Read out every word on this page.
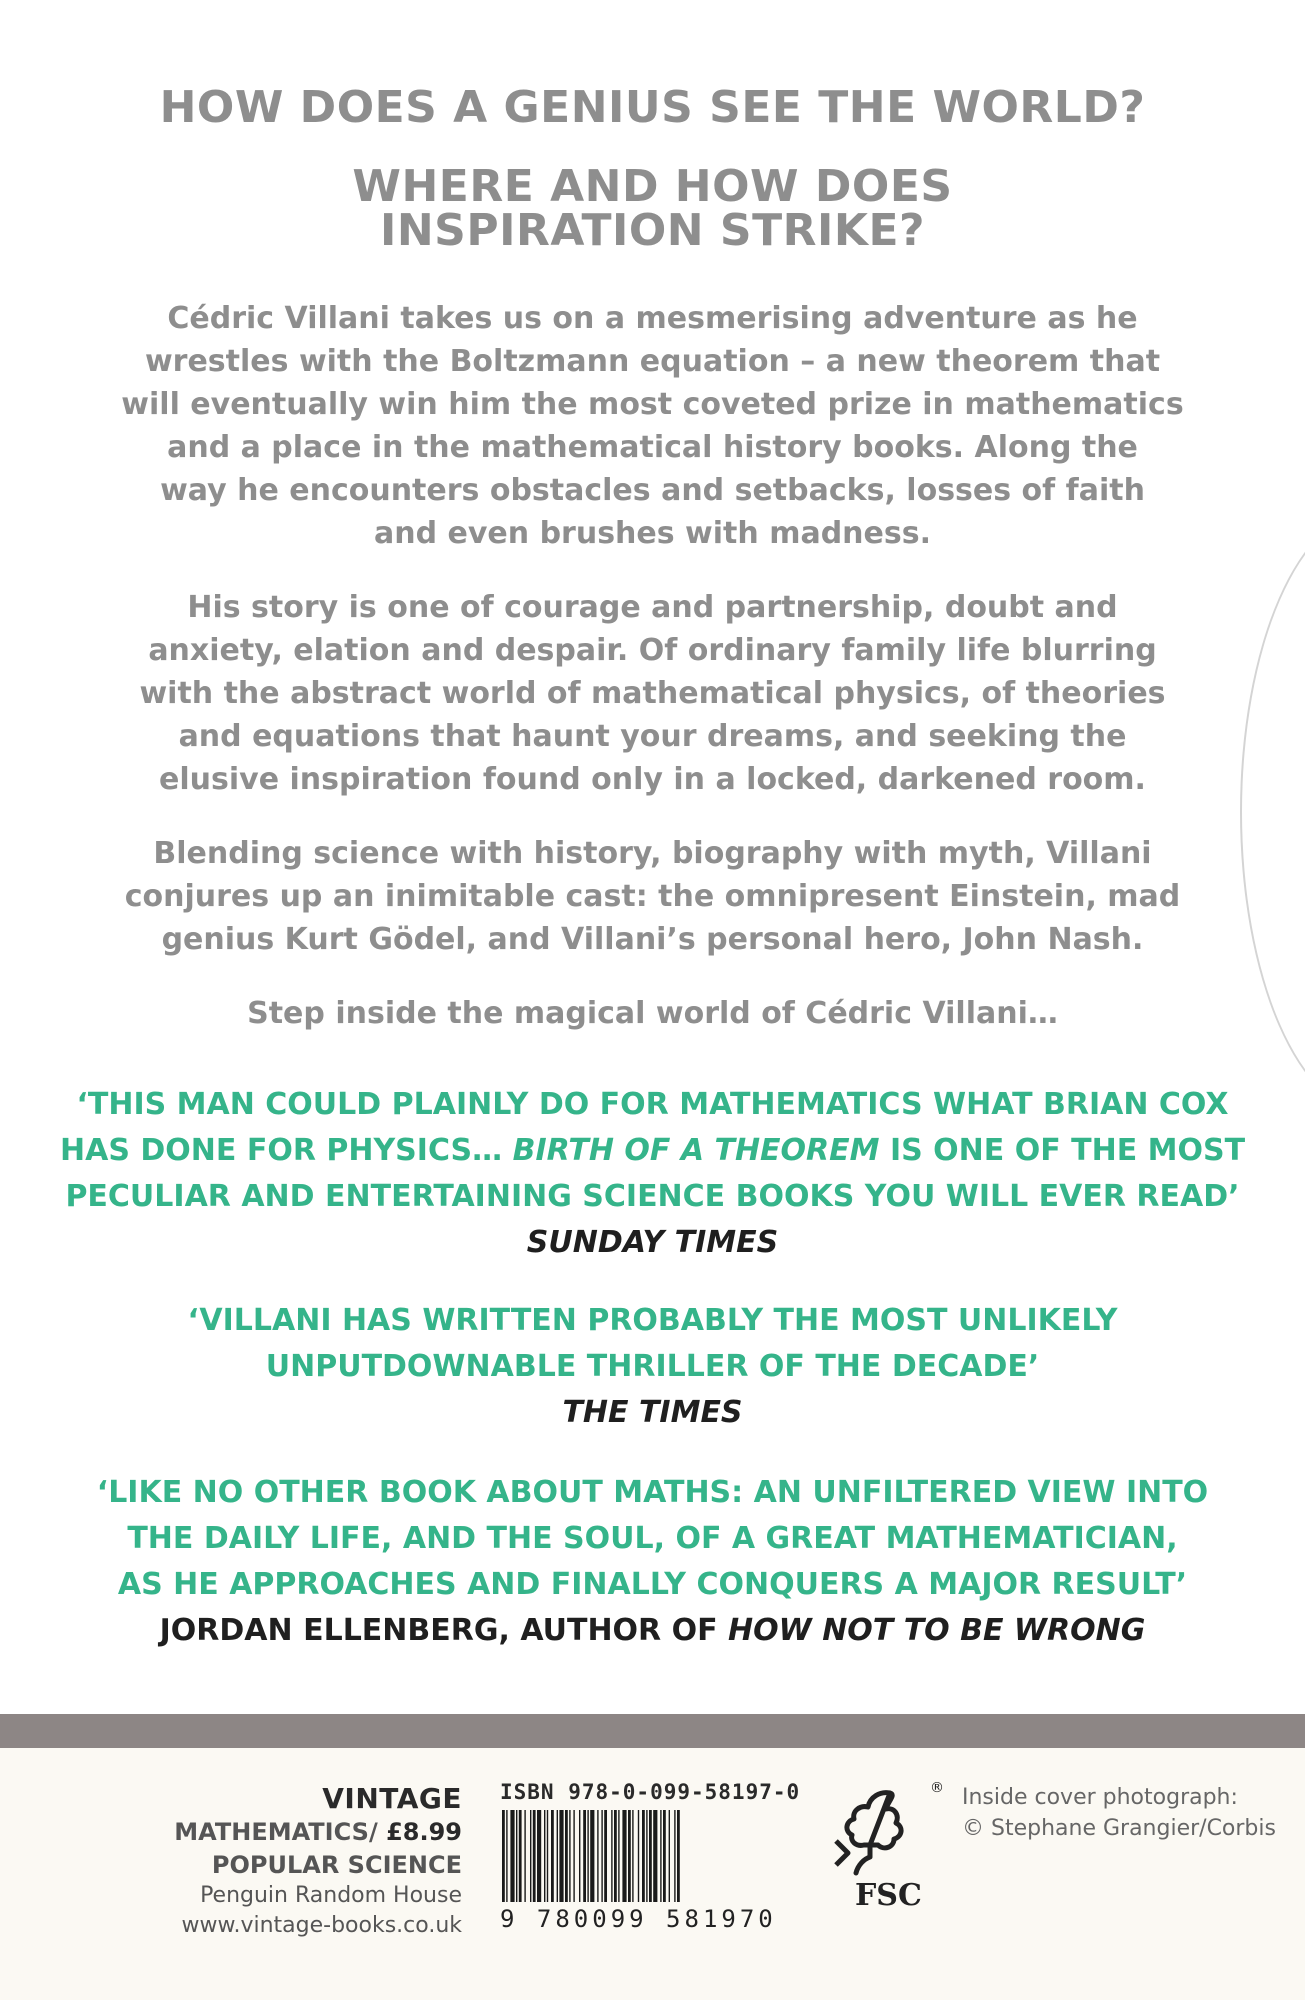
HOW DOES A GENIUS SEE THE WORLD?
WHERE AND HOW DOES
INSPIRATION STRIKE?
Cédric Villani takes us on a mesmerising adventure as he
wrestles with the Boltzmann equation – a new theorem that
will eventually win him the most coveted prize in mathematics
and a place in the mathematical history books. Along the
way he encounters obstacles and setbacks, losses of faith
and even brushes with madness.
His story is one of courage and partnership, doubt and
anxiety, elation and despair. Of ordinary family life blurring
with the abstract world of mathematical physics, of theories
and equations that haunt your dreams, and seeking the
elusive inspiration found only in a locked, darkened room.
Blending science with history, biography with myth, Villani
conjures up an inimitable cast: the omnipresent Einstein, mad
genius Kurt Gödel, and Villani’s personal hero, John Nash.
Step inside the magical world of Cédric Villani…
‘THIS MAN COULD PLAINLY DO FOR MATHEMATICS WHAT BRIAN COX
HAS DONE FOR PHYSICS… BIRTH OF A THEOREM IS ONE OF THE MOST
PECULIAR AND ENTERTAINING SCIENCE BOOKS YOU WILL EVER READ’
SUNDAY TIMES
‘VILLANI HAS WRITTEN PROBABLY THE MOST UNLIKELY
UNPUTDOWNABLE THRILLER OF THE DECADE’
THE TIMES
‘LIKE NO OTHER BOOK ABOUT MATHS: AN UNFILTERED VIEW INTO
THE DAILY LIFE, AND THE SOUL, OF A GREAT MATHEMATICIAN,
AS HE APPROACHES AND FINALLY CONQUERS A MAJOR RESULT’
JORDAN ELLENBERG, AUTHOR OF HOW NOT TO BE WRONG
VINTAGE
MATHEMATICS/ £8.99
POPULAR SCIENCE
Penguin Random House
www.vintage-books.co.uk
ISBN 978-0-099-58197-0
9 780099 581970
®
FSC
Inside cover photograph:
© Stephane Grangier/Corbis
